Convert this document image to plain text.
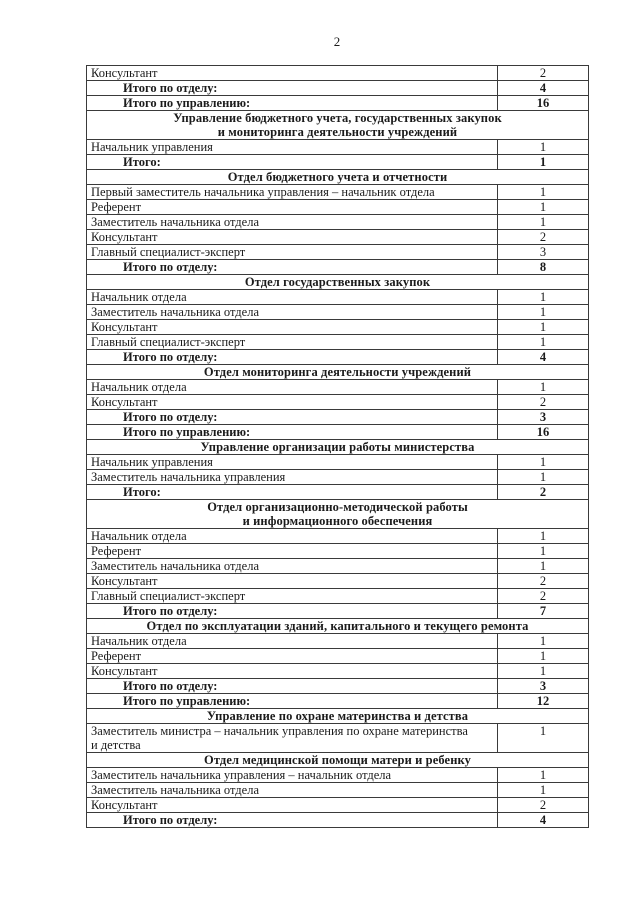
2
Консультант	2

Итого по отделу:	4

Итого по управлению:	16

Управление бюджетного учета, государственных закупок
и мониторинга деятельности учреждений	

Начальник управления	1

Итого:	1

Отдел бюджетного учета и отчетности	

Первый заместитель начальника управления – начальник отдела	1

Референт	1

Заместитель начальника отдела	1

Консультант	2

Главный специалист-эксперт	3

Итого по отделу:	8

Отдел государственных закупок	

Начальник отдела	1

Заместитель начальника отдела	1

Консультант	1

Главный специалист-эксперт	1

Итого по отделу:	4

Отдел мониторинга деятельности учреждений	

Начальник отдела	1

Консультант	2

Итого по отделу:	3

Итого по управлению:	16

Управление организации работы министерства	

Начальник управления	1

Заместитель начальника управления	1

Итого:	2

Отдел организационно-методической работы
и информационного обеспечения	

Начальник отдела	1

Референт	1

Заместитель начальника отдела	1

Консультант	2

Главный специалист-эксперт	2

Итого по отделу:	7

Отдел по эксплуатации зданий, капитального и текущего ремонта	

Начальник отдела	1

Референт	1

Консультант	1

Итого по отделу:	3

Итого по управлению:	12

Управление по охране материнства и детства	

Заместитель министра – начальник управления по охране материнства
и детства	1

Отдел медицинской помощи матери и ребенку	

Заместитель начальника управления – начальник отдела	1

Заместитель начальника отдела	1

Консультант	2

Итого по отделу:	4
